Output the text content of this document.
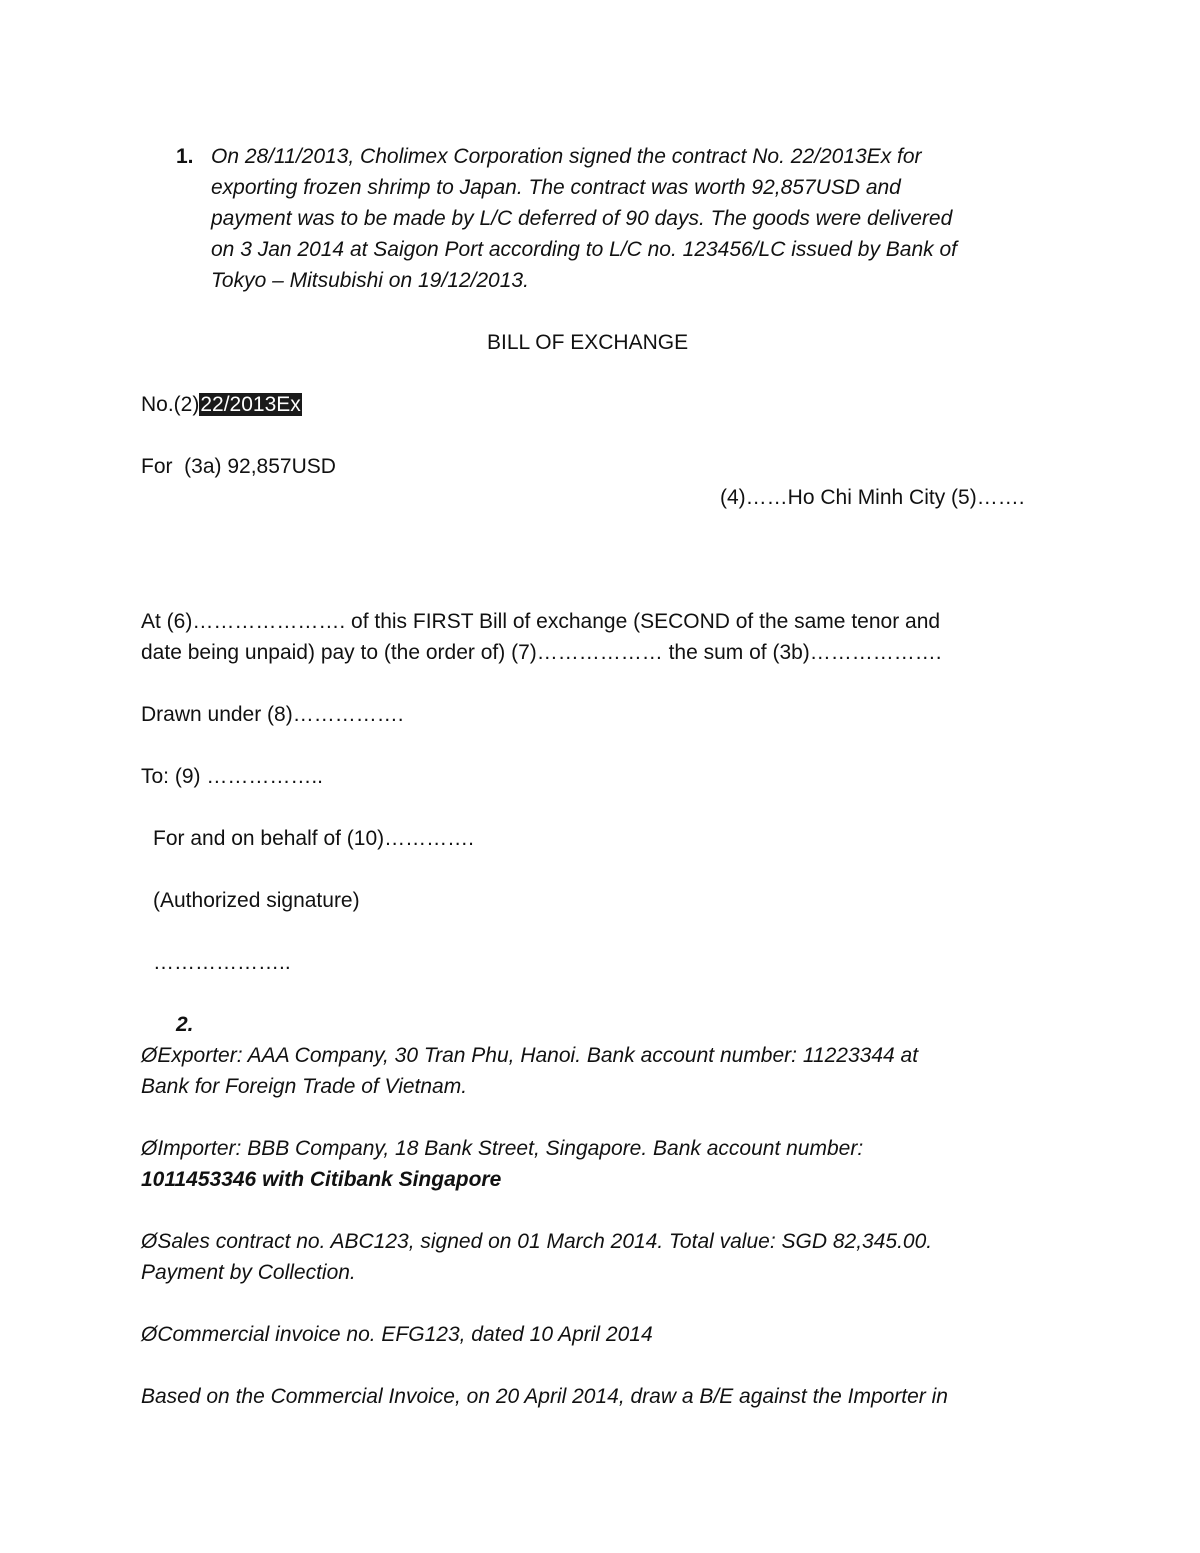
1. On 28/11/2013, Cholimex Corporation signed the contract No. 22/2013Ex for
exporting frozen shrimp to Japan. The contract was worth 92,857USD and
payment was to be made by L/C deferred of 90 days. The goods were delivered
on 3 Jan 2014 at Saigon Port according to L/C no. 123456/LC issued by Bank of
Tokyo – Mitsubishi on 19/12/2013.
BILL OF EXCHANGE
No.(2)22/2013Ex
For  (3a) 92,857USD
(4)……Ho Chi Minh City (5)…….
At (6)…………………. of this FIRST Bill of exchange (SECOND of the same tenor and
date being unpaid) pay to (the order of) (7)……………… the sum of (3b)……………….
Drawn under (8)…………….
To: (9) ……………..
For and on behalf of (10)………….
(Authorized signature)
………………..
2.
ØExporter: AAA Company, 30 Tran Phu, Hanoi. Bank account number: 11223344 at
Bank for Foreign Trade of Vietnam.
ØImporter: BBB Company, 18 Bank Street, Singapore. Bank account number:
1011453346 with Citibank Singapore
ØSales contract no. ABC123, signed on 01 March 2014. Total value: SGD 82,345.00.
Payment by Collection.
ØCommercial invoice no. EFG123, dated 10 April 2014
Based on the Commercial Invoice, on 20 April 2014, draw a B/E against the Importer in
